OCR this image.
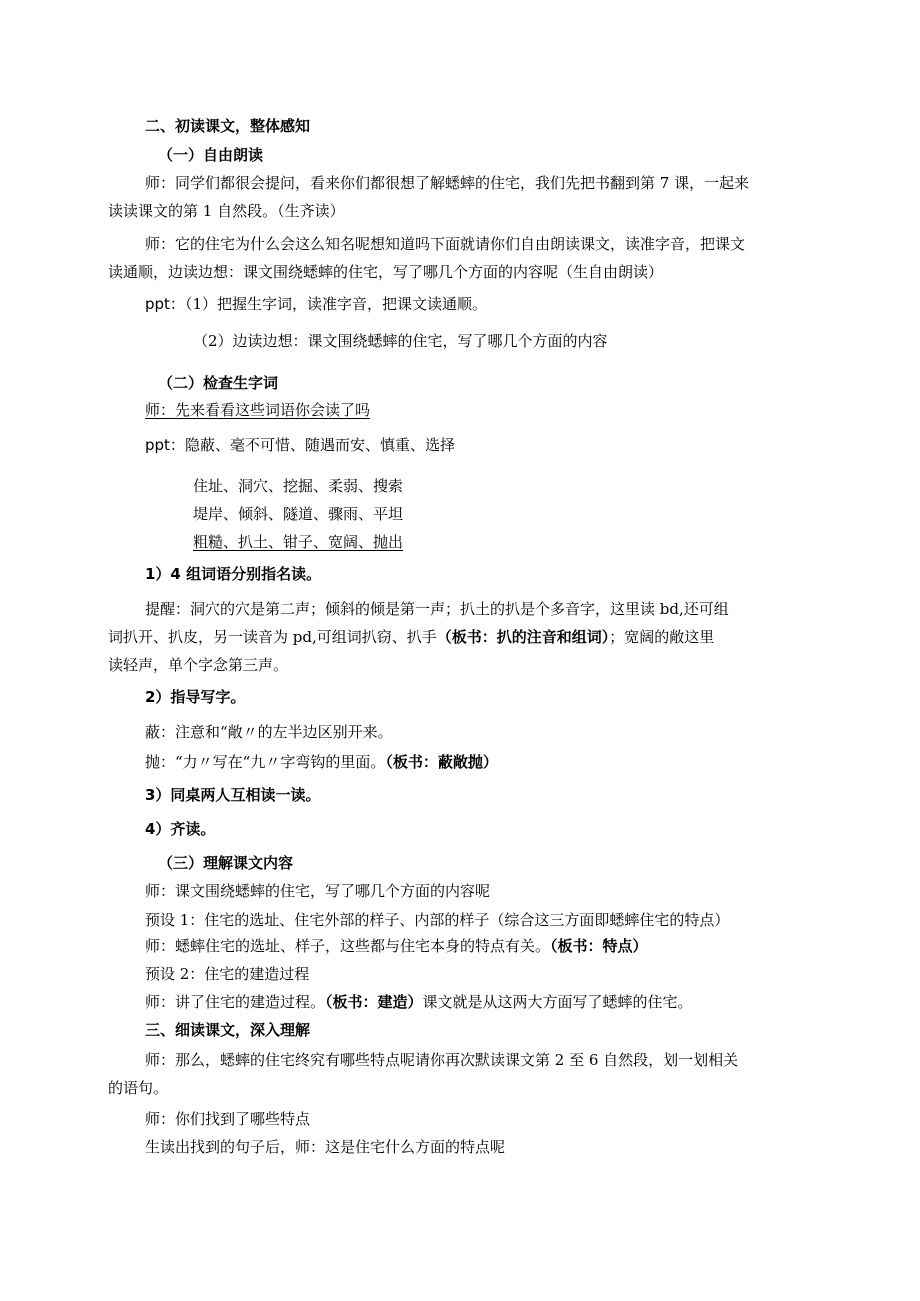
二、初读课文，整体感知
（一）自由朗读
师：同学们都很会提问，看来你们都很想了解蟋蟀的住宅，我们先把书翻到第 7 课，一起来
读读课文的第 1 自然段。（生齐读）
师：它的住宅为什么会这么知名呢想知道吗下面就请你们自由朗读课文，读准字音，把课文
读通顺，边读边想：课文围绕蟋蟀的住宅，写了哪几个方面的内容呢（生自由朗读）
ppt：（1）把握生字词，读准字音，把课文读通顺。
（2）边读边想：课文围绕蟋蟀的住宅，写了哪几个方面的内容
（二）检查生字词
师：先来看看这些词语你会读了吗
ppt：隐蔽、毫不可惜、随遇而安、慎重、选择
住址、洞穴、挖掘、柔弱、搜索
堤岸、倾斜、隧道、骤雨、平坦
粗糙、扒土、钳子、宽阔、抛出
1）4 组词语分别指名读。
提醒：洞穴的穴是第二声；倾斜的倾是第一声；扒土的扒是个多音字，这里读 bd,还可组
词扒开、扒皮，另一读音为 pd,可组词扒窃、扒手（板书：扒的注音和组词）；宽阔的敞这里
读轻声，单个字念第三声。
2）指导写字。
蔽：注意和“敞〃的左半边区别开来。
抛：“力〃写在“九〃字弯钩的里面。（板书：蔽敞抛）
3）同桌两人互相读一读。
4）齐读。
（三）理解课文内容
师：课文围绕蟋蟀的住宅，写了哪几个方面的内容呢
预设 1：住宅的选址、住宅外部的样子、内部的样子（综合这三方面即蟋蟀住宅的特点）
师：蟋蟀住宅的选址、样子，这些都与住宅本身的特点有关。（板书：特点）
预设 2：住宅的建造过程
师：讲了住宅的建造过程。（板书：建造）课文就是从这两大方面写了蟋蟀的住宅。
三、细读课文，深入理解
师：那么，蟋蟀的住宅终究有哪些特点呢请你再次默读课文第 2 至 6 自然段，划一划相关
的语句。
师：你们找到了哪些特点
生读出找到的句子后，师：这是住宅什么方面的特点呢
